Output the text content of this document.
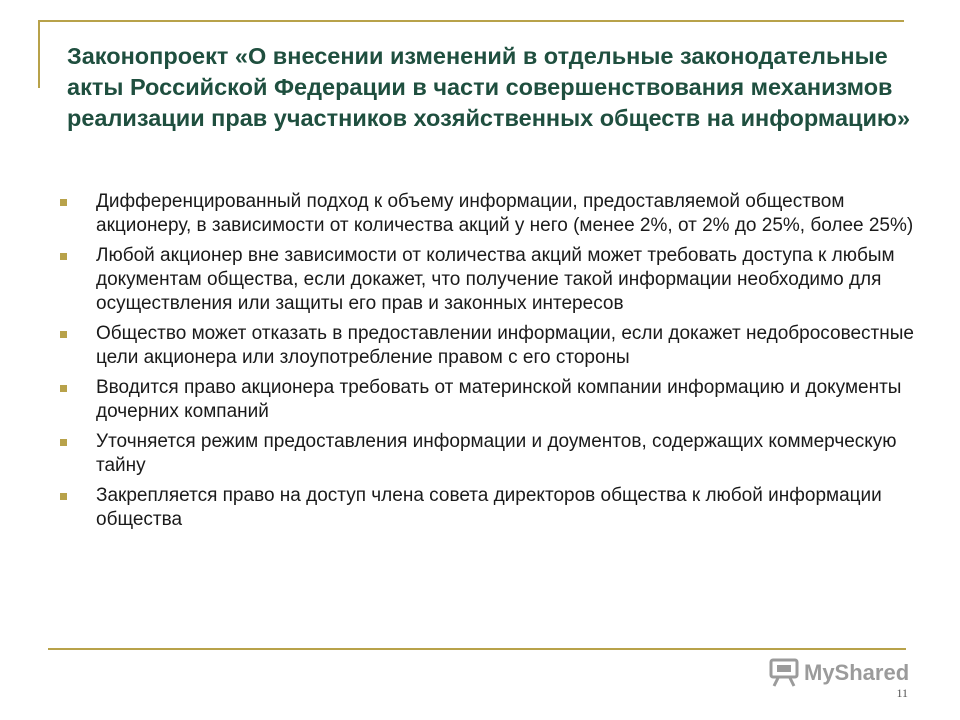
Законопроект «О внесении изменений в отдельные законодательные акты Российской Федерации в части совершенствования механизмов реализации прав участников хозяйственных обществ на информацию»
Дифференцированный подход к объему информации, предоставляемой обществом акционеру, в зависимости от количества акций у него (менее 2%, от 2% до 25%, более 25%)
Любой акционер вне зависимости от количества акций может требовать доступа к любым документам общества, если докажет, что получение такой информации необходимо для осуществления или защиты его прав и законных интересов
Общество может отказать в предоставлении информации, если докажет недобросовестные цели акционера или злоупотребление правом с его стороны
Вводится право акционера требовать от материнской компании информацию и документы дочерних компаний
Уточняется режим предоставления информации и доументов, содержащих коммерческую тайну
Закрепляется право на доступ члена совета директоров общества к любой информации общества
MyShared
11
